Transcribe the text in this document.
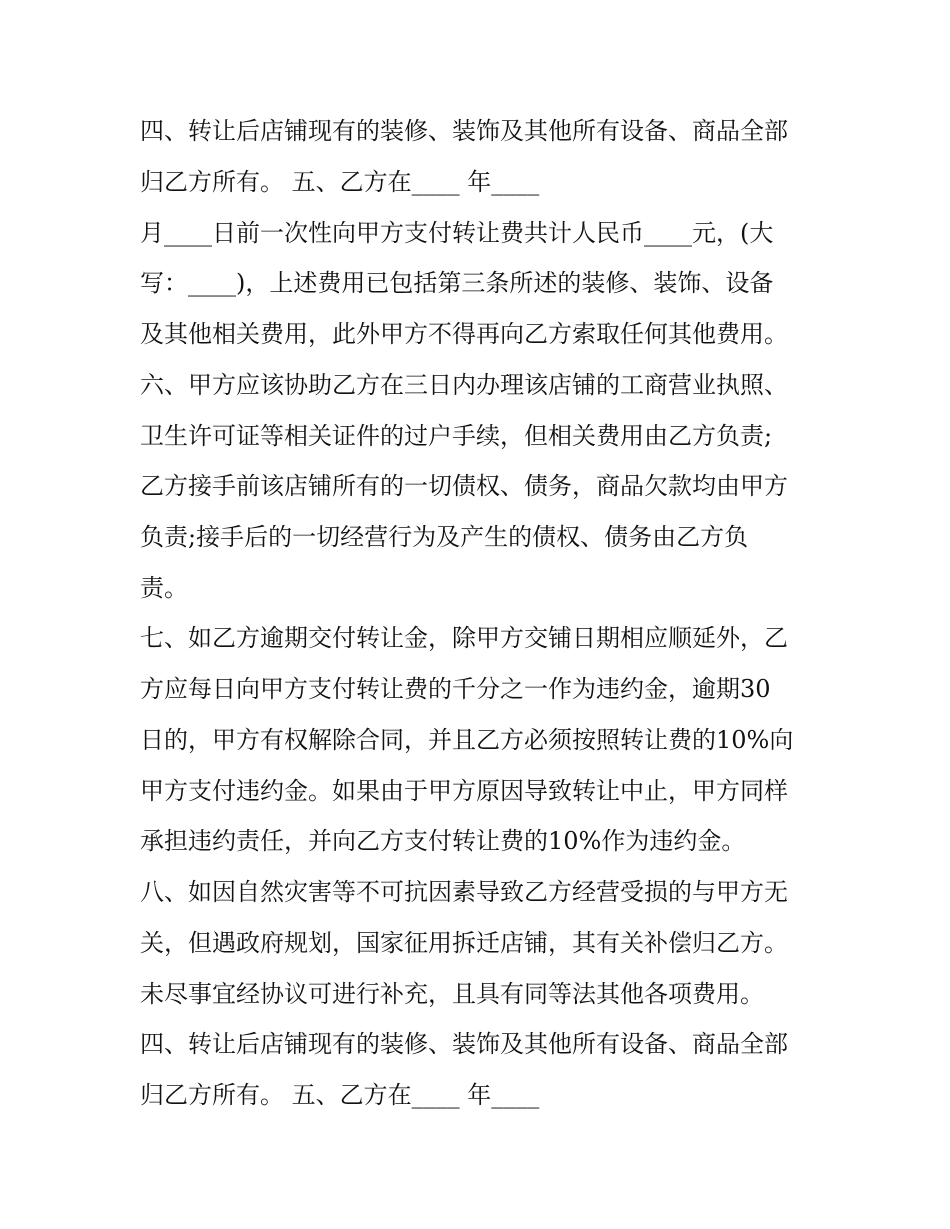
四、转让后店铺现有的装修、装饰及其他所有设备、商品全部
归乙方所有。 五、乙方在____ 年____
月____日前一次性向甲方支付转让费共计人民币____元，(大
写：____)，上述费用已包括第三条所述的装修、装饰、设备
及其他相关费用，此外甲方不得再向乙方索取任何其他费用。
六、甲方应该协助乙方在三日内办理该店铺的工商营业执照、
卫生许可证等相关证件的过户手续，但相关费用由乙方负责;
乙方接手前该店铺所有的一切债权、债务，商品欠款均由甲方
负责;接手后的一切经营行为及产生的债权、债务由乙方负
责。
七、如乙方逾期交付转让金，除甲方交铺日期相应顺延外，乙
方应每日向甲方支付转让费的千分之一作为违约金，逾期30
日的，甲方有权解除合同，并且乙方必须按照转让费的10%向
甲方支付违约金。如果由于甲方原因导致转让中止，甲方同样
承担违约责任，并向乙方支付转让费的10%作为违约金。
八、如因自然灾害等不可抗因素导致乙方经营受损的与甲方无
关，但遇政府规划，国家征用拆迁店铺，其有关补偿归乙方。
未尽事宜经协议可进行补充，且具有同等法其他各项费用。
四、转让后店铺现有的装修、装饰及其他所有设备、商品全部
归乙方所有。 五、乙方在____ 年____
